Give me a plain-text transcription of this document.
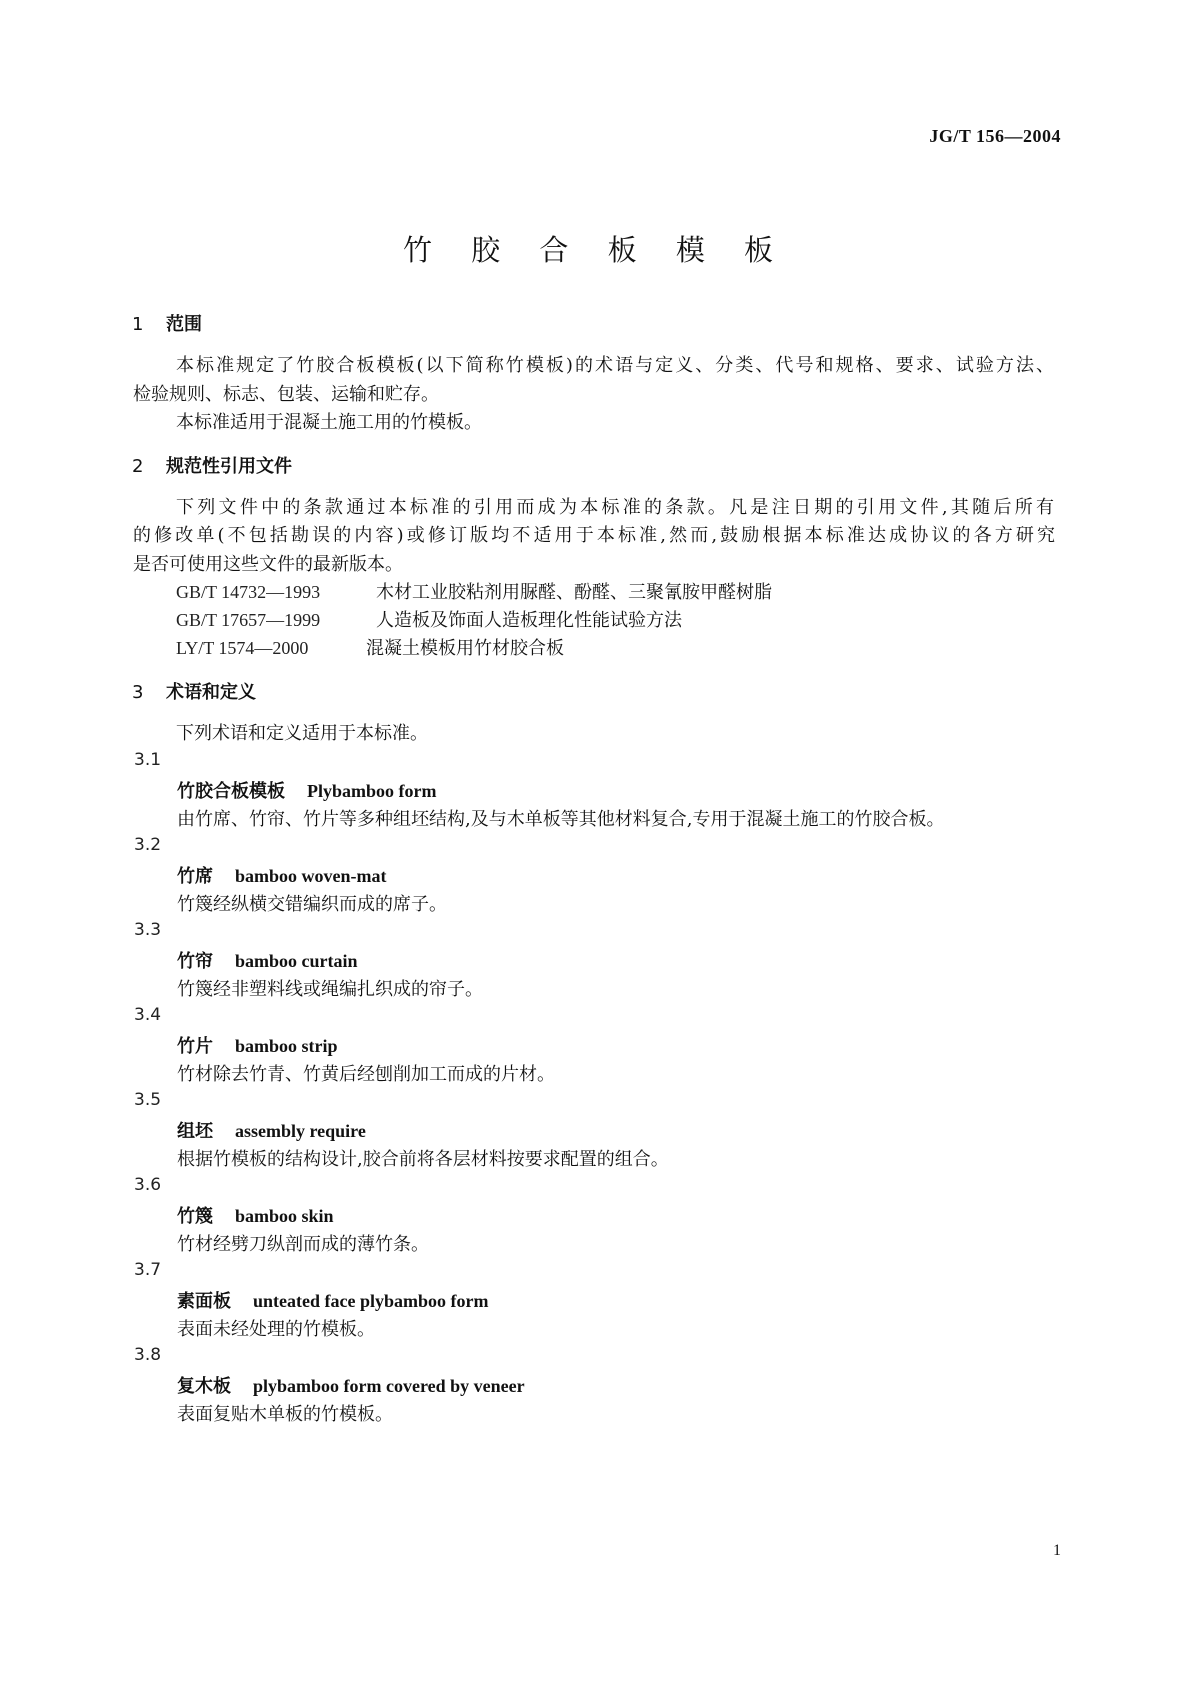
JG/T 156—2004
竹 胶 合 板 模 板
1 范围
本标准规定了竹胶合板模板(以下简称竹模板)的术语与定义、分类、代号和规格、要求、试验方法、
检验规则、标志、包装、运输和贮存。
本标准适用于混凝土施工用的竹模板。
2 规范性引用文件
下列文件中的条款通过本标准的引用而成为本标准的条款。凡是注日期的引用文件,其随后所有
的修改单(不包括勘误的内容)或修订版均不适用于本标准,然而,鼓励根据本标准达成协议的各方研究
是否可使用这些文件的最新版本。
GB/T 14732—1993	木材工业胶粘剂用脲醛、酚醛、三聚氰胺甲醛树脂
GB/T 17657—1999	人造板及饰面人造板理化性能试验方法
LY/T 1574—2000	混凝土模板用竹材胶合板
3 术语和定义
下列术语和定义适用于本标准。
3.1
竹胶合板模板 Plybamboo form
由竹席、竹帘、竹片等多种组坯结构,及与木单板等其他材料复合,专用于混凝土施工的竹胶合板。
3.2
竹席 bamboo woven-mat
竹篾经纵横交错编织而成的席子。
3.3
竹帘 bamboo curtain
竹篾经非塑料线或绳编扎织成的帘子。
3.4
竹片 bamboo strip
竹材除去竹青、竹黄后经刨削加工而成的片材。
3.5
组坯 assembly require
根据竹模板的结构设计,胶合前将各层材料按要求配置的组合。
3.6
竹篾 bamboo skin
竹材经劈刀纵剖而成的薄竹条。
3.7
素面板 unteated face plybamboo form
表面未经处理的竹模板。
3.8
复木板 plybamboo form covered by veneer
表面复贴木单板的竹模板。
1
